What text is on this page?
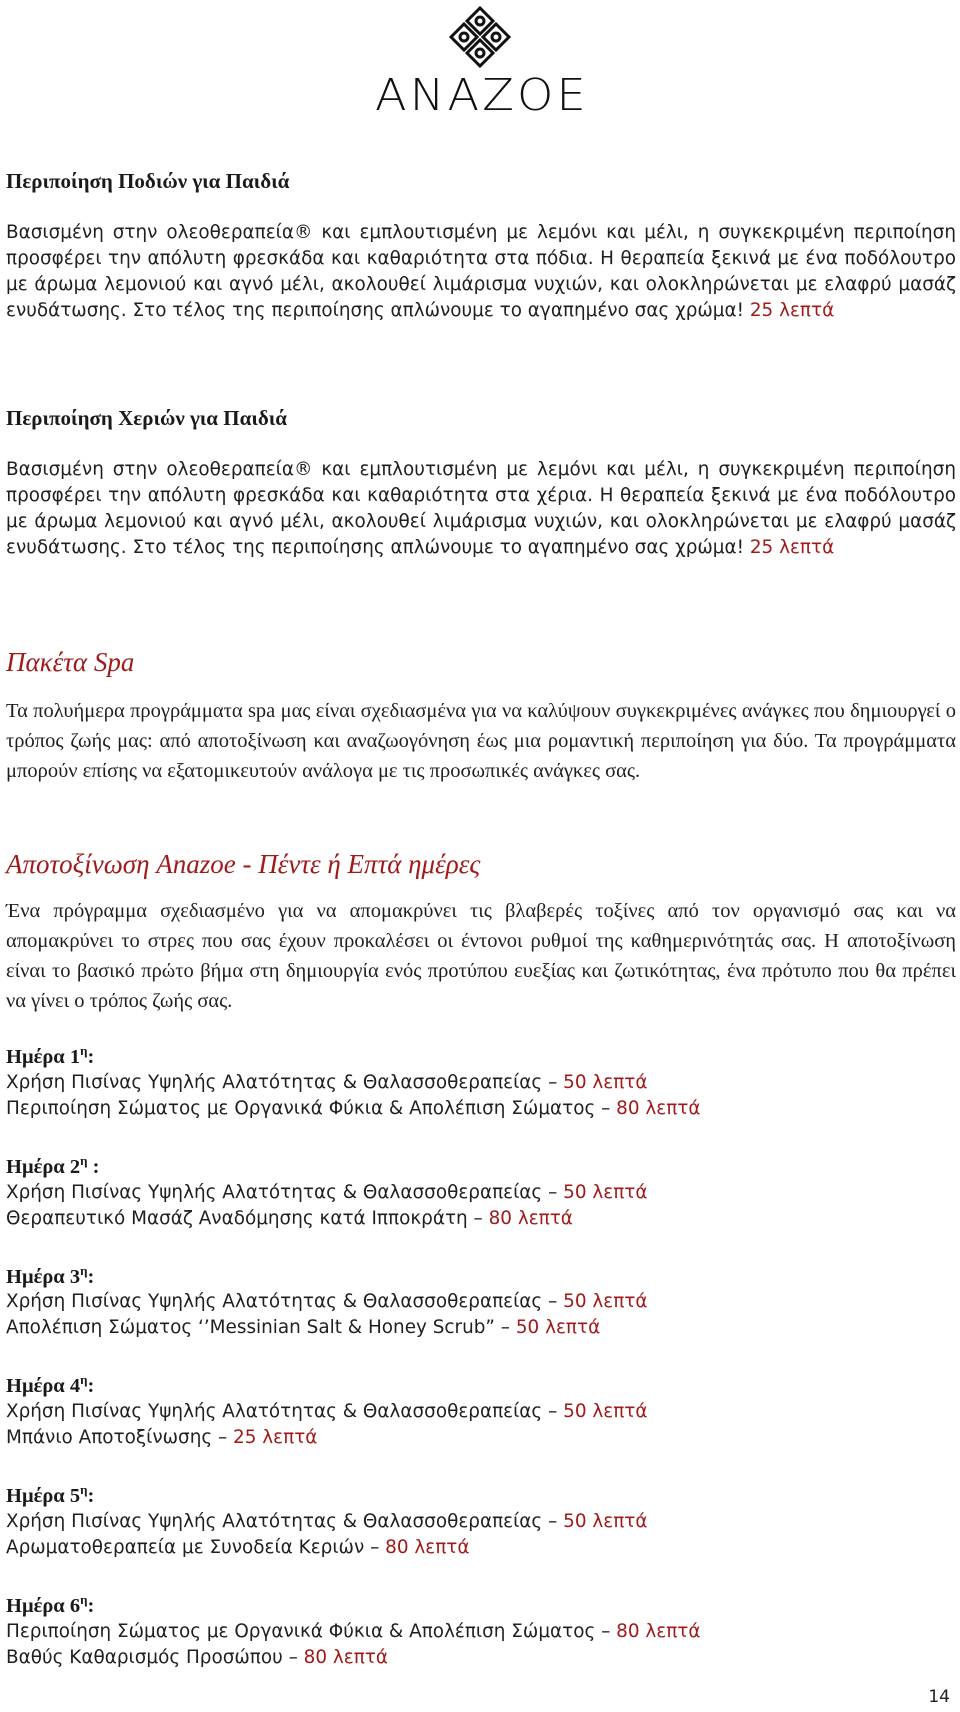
ANAZOE
Περιποίηση Ποδιών για Παιδιά

Βασισμένη στην ολεοθεραπεία® και εμπλουτισμένη με λεμόνι και μέλι, η συγκεκριμένη περιποίηση προσφέρει την απόλυτη φρεσκάδα και καθαριότητα στα πόδια. Η θεραπεία ξεκινά με ένα ποδόλουτρο με άρωμα λεμονιού και αγνό μέλι, ακολουθεί λιμάρισμα νυχιών, και ολοκληρώνεται με ελαφρύ μασάζ ενυδάτωσης. Στο τέλος της περιποίησης απλώνουμε το αγαπημένο σας χρώμα! 25 λεπτά

Περιποίηση Χεριών για Παιδιά

Βασισμένη στην ολεοθεραπεία® και εμπλουτισμένη με λεμόνι και μέλι, η συγκεκριμένη περιποίηση προσφέρει την απόλυτη φρεσκάδα και καθαριότητα στα χέρια. Η θεραπεία ξεκινά με ένα ποδόλουτρο με άρωμα λεμονιού και αγνό μέλι, ακολουθεί λιμάρισμα νυχιών, και ολοκληρώνεται με ελαφρύ μασάζ ενυδάτωσης. Στο τέλος της περιποίησης απλώνουμε το αγαπημένο σας χρώμα! 25 λεπτά

Πακέτα Spa

Τα πολυήμερα προγράμματα spa μας είναι σχεδιασμένα για να καλύψουν συγκεκριμένες ανάγκες που δημιουργεί ο τρόπος ζωής μας: από αποτοξίνωση και αναζωογόνηση έως μια ρομαντική περιποίηση για δύο. Τα προγράμματα μπορούν επίσης να εξατομικευτούν ανάλογα με τις προσωπικές ανάγκες σας.

Αποτοξίνωση Anazoe - Πέντε ή Επτά ημέρες

Ένα πρόγραμμα σχεδιασμένο για να απομακρύνει τις βλαβερές τοξίνες από τον οργανισμό σας και να απομακρύνει το στρες που σας έχουν προκαλέσει οι έντονοι ρυθμοί της καθημερινότητάς σας. Η αποτοξίνωση είναι το βασικό πρώτο βήμα στη δημιουργία ενός προτύπου ευεξίας και ζωτικότητας, ένα πρότυπο που θα πρέπει να γίνει ο τρόπος ζωής σας.

Ημέρα $1^\eta$:

Χρήση Πισίνας Υψηλής Αλατότητας & Θαλασσοθεραπείας – 50 λεπτά

Περιποίηση Σώματος με Οργανικά Φύκια & Απολέπιση Σώματος – 80 λεπτά

Ημέρα $2^\eta$ :

Χρήση Πισίνας Υψηλής Αλατότητας & Θαλασσοθεραπείας – 50 λεπτά

Θεραπευτικό Μασάζ Αναδόμησης κατά Ιπποκράτη – 80 λεπτά

Ημέρα $3^\eta$:

Χρήση Πισίνας Υψηλής Αλατότητας & Θαλασσοθεραπείας – 50 λεπτά

Απολέπιση Σώματος ‘’Messinian Salt & Honey Scrub” – 50 λεπτά

Ημέρα $4^\eta$:

Χρήση Πισίνας Υψηλής Αλατότητας & Θαλασσοθεραπείας – 50 λεπτά

Μπάνιο Αποτοξίνωσης – 25 λεπτά

Ημέρα $5^\eta$:

Χρήση Πισίνας Υψηλής Αλατότητας & Θαλασσοθεραπείας – 50 λεπτά

Αρωματοθεραπεία με Συνοδεία Κεριών – 80 λεπτά

Ημέρα $6^\eta$:

Περιποίηση Σώματος με Οργανικά Φύκια & Απολέπιση Σώματος – 80 λεπτά

Βαθύς Καθαρισμός Προσώπου – 80 λεπτά

14
